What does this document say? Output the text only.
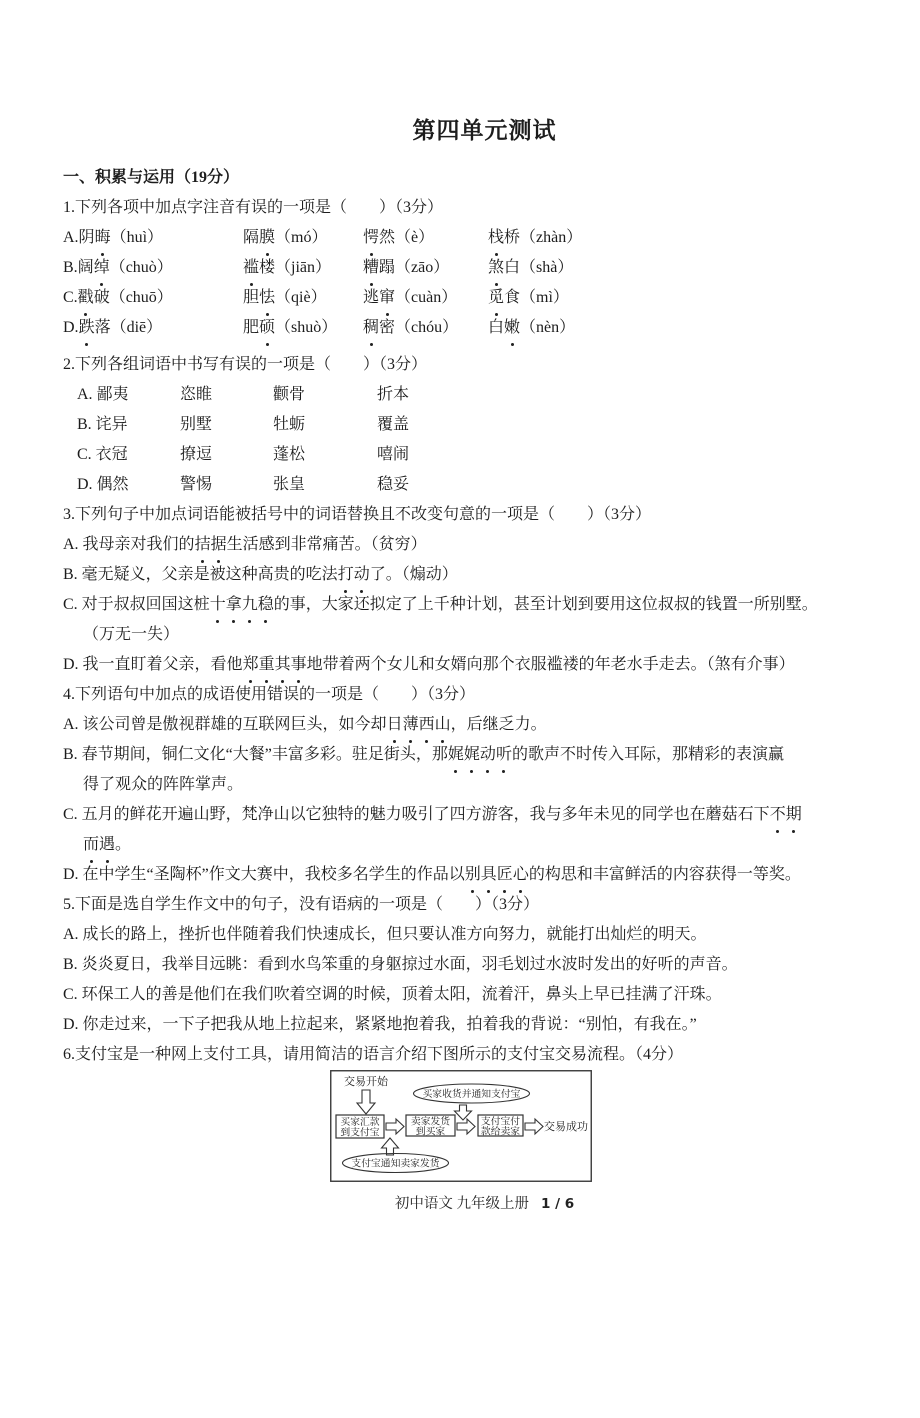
第四单元测试
一、积累与运用（19分）
1.下列各项中加点字注音有误的一项是（　　）（3分）
A.阴晦（huì）	隔膜（mó） 愕然（è）	栈桥（zhàn）
B.阔绰（chuò）	褴楼（jiān） 糟蹋（zāo） 煞白（shà）
C.戳破（chuō）	胆怯（qiè） 逃窜（cuàn） 觅食（mì）
D.跌落（diē）	肥硕（shuò） 稠密（chóu） 白嫩（nèn）
2.下列各组词语中书写有误的一项是（　　）（3分）
A. 鄙夷	恣睢	颧骨	折本
B. 诧异	别墅	牡蛎	覆盖
C. 衣冠	撩逗	蓬松	嘻闹
D. 偶然	警惕	张皇	稳妥
3.下列句子中加点词语能被括号中的词语替换且不改变句意的一项是（　　）（3分）
A. 我母亲对我们的拮据生活感到非常痛苦。（贫穷）
B. 毫无疑义，父亲是被这种高贵的吃法打动了。（煽动）
C. 对于叔叔回国这桩十拿九稳的事，大家还拟定了上千种计划，甚至计划到要用这位叔叔的钱置一所别墅。
（万无一失）
D. 我一直盯着父亲，看他郑重其事地带着两个女儿和女婿向那个衣服褴褛的年老水手走去。（煞有介事）
4.下列语句中加点的成语使用错误的一项是（　　）（3分）
A. 该公司曾是傲视群雄的互联网巨头，如今却日薄西山，后继乏力。
B. 春节期间，铜仁文化“大餐”丰富多彩。驻足街头，那娓娓动听的歌声不时传入耳际，那精彩的表演赢
得了观众的阵阵掌声。
C. 五月的鲜花开遍山野，梵净山以它独特的魅力吸引了四方游客，我与多年未见的同学也在蘑菇石下不期
而遇。
D. 在中学生“圣陶杯”作文大赛中，我校多名学生的作品以别具匠心的构思和丰富鲜活的内容获得一等奖。
5.下面是选自学生作文中的句子，没有语病的一项是（　　）（3分）
A. 成长的路上，挫折也伴随着我们快速成长，但只要认准方向努力，就能打出灿烂的明天。
B. 炎炎夏日，我举目远眺：看到水鸟笨重的身躯掠过水面，羽毛划过水波时发出的好听的声音。
C. 环保工人的善是他们在我们吹着空调的时候，顶着太阳，流着汗，鼻头上早已挂满了汗珠。
D. 你走过来，一下子把我从地上拉起来，紧紧地抱着我，拍着我的背说：“别怕，有我在。”
6.支付宝是一种网上支付工具，请用简洁的语言介绍下图所示的支付宝交易流程。（4分）
交易开始
买家收货并通知支付宝
买家汇款
到支付宝
卖家发货
到买家
支付宝付
款给卖家 交易成功
支付宝通知卖家发货
初中语文 九年级上册 1 / 6
